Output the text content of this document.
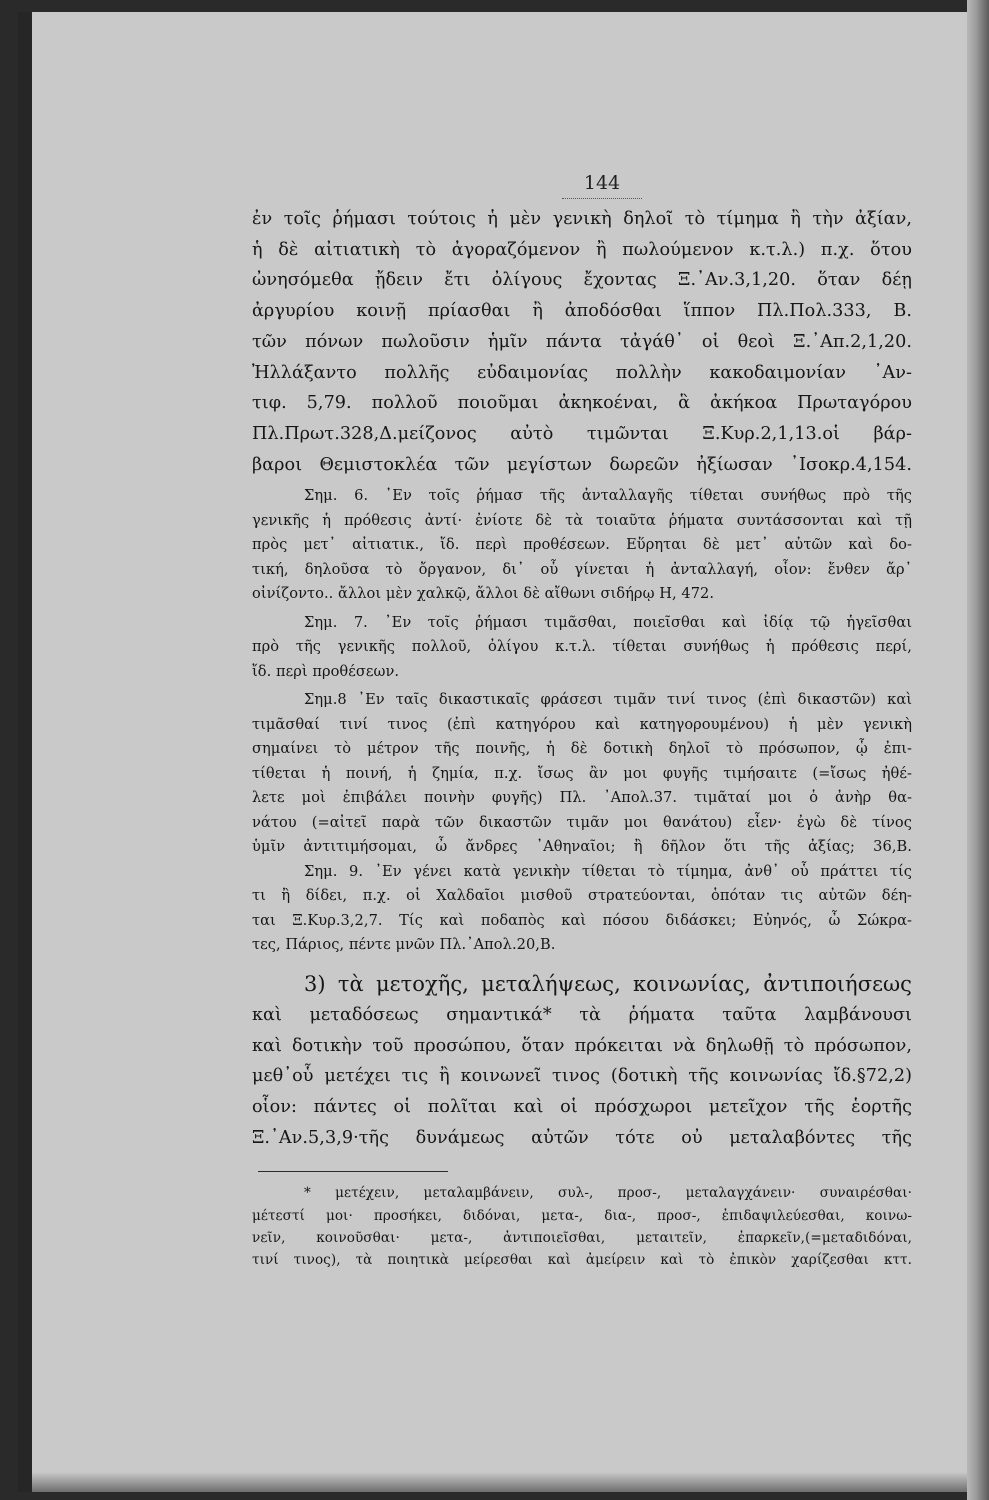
144
ἐν τοῖς ῥήμασι τούτοις ἡ μὲν γενικὴ δηλοῖ τὸ τίμημα ἢ τὴν ἀξίαν,
ἡ δὲ αἰτιατικὴ τὸ ἀγοραζόμενον ἢ πωλούμενον κ.τ.λ.) π.χ. ὅτου
ὠνησόμεθα ᾔδειν ἔτι ὀλίγους ἔχοντας Ξ.᾽Αν.3,1,20. ὅταν δέῃ
ἀργυρίου κοινῇ πρίασθαι ἢ ἀποδόσθαι ἵππον Πλ.Πολ.333, Β.
τῶν πόνων πωλοῦσιν ἡμῖν πάντα τἀγάθ᾽ οἱ θεοὶ Ξ.᾽Απ.2,1,20.
Ἠλλάξαντο πολλῆς εὐδαιμονίας πολλὴν κακοδαιμονίαν ᾽Αν-
τιφ. 5,79. πολλοῦ ποιοῦμαι ἀκηκοέναι, ἃ ἀκήκοα Πρωταγόρου
Πλ.Πρωτ.328,Δ.μείζονος αὐτὸ τιμῶνται Ξ.Κυρ.2,1,13.οἱ βάρ-
βαροι Θεμιστοκλέα τῶν μεγίστων δωρεῶν ἠξίωσαν ᾽Ισοκρ.4,154.
Σημ. 6. ᾽Εν τοῖς ῥήμασ τῆς ἀνταλλαγῆς τίθεται συνήθως πρὸ τῆς
γενικῆς ἡ πρόθεσις ἀντί· ἐνίοτε δὲ τὰ τοιαῦτα ῥήματα συντάσσονται καὶ τῇ
πρὸς μετ᾽ αἰτιατικ., ἴδ. περὶ προθέσεων. Εὕρηται δὲ μετ᾽ αὐτῶν καὶ δο-
τική, δηλοῦσα τὸ ὄργανον, δι᾽ οὗ γίνεται ἡ ἀνταλλαγή, οἷον: ἔνθεν ἄρ᾽
οἰνίζοντο.. ἄλλοι μὲν χαλκῷ, ἄλλοι δὲ αἴθωνι σιδήρῳ Η, 472.
Σημ. 7. ᾽Εν τοῖς ῥήμασι τιμᾶσθαι, ποιεῖσθαι καὶ ἰδίᾳ τῷ ἡγεῖσθαι
πρὸ τῆς γενικῆς πολλοῦ, ὀλίγου κ.τ.λ. τίθεται συνήθως ἡ πρόθεσις περί,
ἴδ. περὶ προθέσεων.
Σημ.8 ᾽Εν ταῖς δικαστικαῖς φράσεσι τιμᾶν τινί τινος (ἐπὶ δικαστῶν) καὶ
τιμᾶσθαί τινί τινος (ἐπὶ κατηγόρου καὶ κατηγορουμένου) ἡ μὲν γενικὴ
σημαίνει τὸ μέτρον τῆς ποινῆς, ἡ δὲ δοτικὴ δηλοῖ τὸ πρόσωπον, ᾧ ἐπι-
τίθεται ἡ ποινή, ἡ ζημία, π.χ. ἴσως ἂν μοι φυγῆς τιμήσαιτε (=ἴσως ἠθέ-
λετε μοὶ ἐπιβάλει ποινὴν φυγῆς) Πλ. ᾽Απολ.37. τιμᾶταί μοι ὁ ἀνὴρ θα-
νάτου (=αἰτεῖ παρὰ τῶν δικαστῶν τιμᾶν μοι θανάτου) εἶεν· ἐγὼ δὲ τίνος
ὑμῖν ἀντιτιμήσομαι, ὦ ἄνδρες ᾽Αθηναῖοι; ἢ δῆλον ὅτι τῆς ἀξίας; 36,Β.
Σημ. 9. ᾽Εν γένει κατὰ γενικὴν τίθεται τὸ τίμημα, ἀνθ᾽ οὗ πράττει τίς
τι ἢ δίδει, π.χ. οἱ Χαλδαῖοι μισθοῦ στρατεύονται, ὁπόταν τις αὐτῶν δέη-
ται Ξ.Κυρ.3,2,7. Τίς καὶ ποδαπὸς καὶ πόσου διδάσκει; Εὐηνός, ὦ Σώκρα-
τες, Πάριος, πέντε μνῶν Πλ.᾽Απολ.20,Β.
3) τὰ μετοχῆς, μεταλήψεως, κοινωνίας, ἀντιποιήσεως
καὶ μεταδόσεως σημαντικά* τὰ ῥήματα ταῦτα λαμβάνουσι
καὶ δοτικὴν τοῦ προσώπου, ὅταν πρόκειται νὰ δηλωθῇ τὸ πρόσωπον,
μεθ᾽οὗ μετέχει τις ἢ κοινωνεῖ τινος (δοτικὴ τῆς κοινωνίας ἴδ.§72,2)
οἷον: πάντες οἱ πολῖται καὶ οἱ πρόσχωροι μετεῖχον τῆς ἑορτῆς
Ξ.᾽Αν.5,3,9·τῆς δυνάμεως αὐτῶν τότε οὐ μεταλαβόντες τῆς
* μετέχειν, μεταλαμβάνειν, συλ-, προσ-, μεταλαγχάνειν· συναιρέσθαι·
μέτεστί μοι· προσήκει, διδόναι, μετα-, δια-, προσ-, ἐπιδαψιλεύεσθαι, κοινω-
νεῖν, κοινοῦσθαι· μετα-, ἀντιποιεῖσθαι, μεταιτεῖν, ἐπαρκεῖν,(=μεταδιδόναι,
τινί τινος), τὰ ποιητικὰ μείρεσθαι καὶ ἀμείρειν καὶ τὸ ἐπικὸν χαρίζεσθαι κττ.
